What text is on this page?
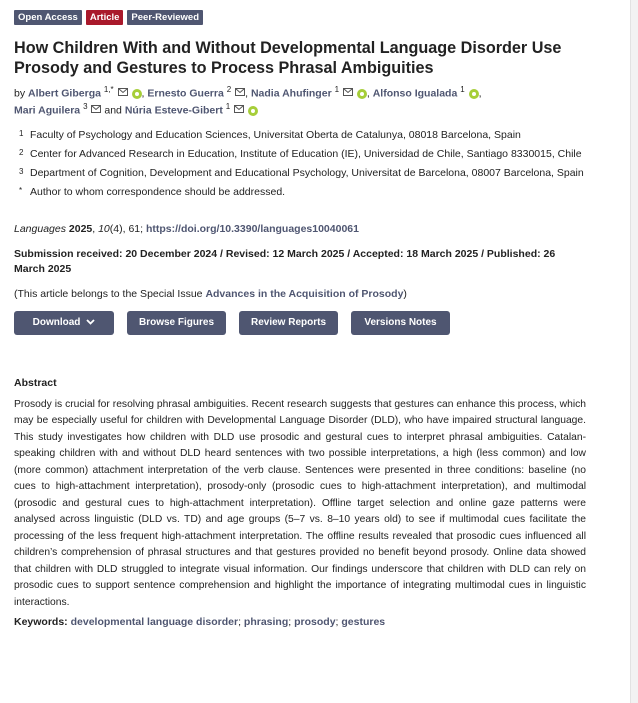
Open Access	Article	Peer-Reviewed
How Children With and Without Developmental Language Disorder Use Prosody and Gestures to Process Phrasal Ambiguities
by Albert Giberga $^{1,*}$	, Ernesto Guerra $^2$ , Nadia Ahufinger $^1$	, Alfonso Igualada $^1$ ,
Mari Aguilera $^3$ and Núria Esteve-Gibert $^1$
1 Faculty of Psychology and Education Sciences, Universitat Oberta de Catalunya, 08018 Barcelona, Spain
2 Center for Advanced Research in Education, Institute of Education (IE), Universidad de Chile, Santiago 8330015, Chile
3 Department of Cognition, Development and Educational Psychology, Universitat de Barcelona, 08007 Barcelona, Spain
* Author to whom correspondence should be addressed.
Languages 2025, 10(4), 61; https://doi.org/10.3390/languages10040061
Submission received: 20 December 2024 / Revised: 12 March 2025 / Accepted: 18 March 2025 / Published: 26 March 2025
(This article belongs to the Special Issue Advances in the Acquisition of Prosody)
Download	Browse Figures	Review Reports	Versions Notes
Abstract
Prosody is crucial for resolving phrasal ambiguities. Recent research suggests that gestures can enhance this process, which may be especially useful for children with Developmental Language Disorder (DLD), who have impaired structural language. This study investigates how children with DLD use prosodic and gestural cues to interpret phrasal ambiguities. Catalan-speaking children with and without DLD heard sentences with two possible interpretations, a high (less common) and low (more common) attachment interpretation of the verb clause. Sentences were presented in three conditions: baseline (no cues to high-attachment interpretation), prosody-only (prosodic cues to high-attachment interpretation), and multimodal (prosodic and gestural cues to high-attachment interpretation). Offline target selection and online gaze patterns were analysed across linguistic (DLD vs. TD) and age groups (5–7 vs. 8–10 years old) to see if multimodal cues facilitate the processing of the less frequent high-attachment interpretation. The offline results revealed that prosodic cues influenced all children’s comprehension of phrasal structures and that gestures provided no benefit beyond prosody. Online data showed that children with DLD struggled to integrate visual information. Our findings underscore that children with DLD can rely on prosodic cues to support sentence comprehension and highlight the importance of integrating multimodal cues in linguistic interactions.
Keywords: developmental language disorder; phrasing; prosody; gestures
